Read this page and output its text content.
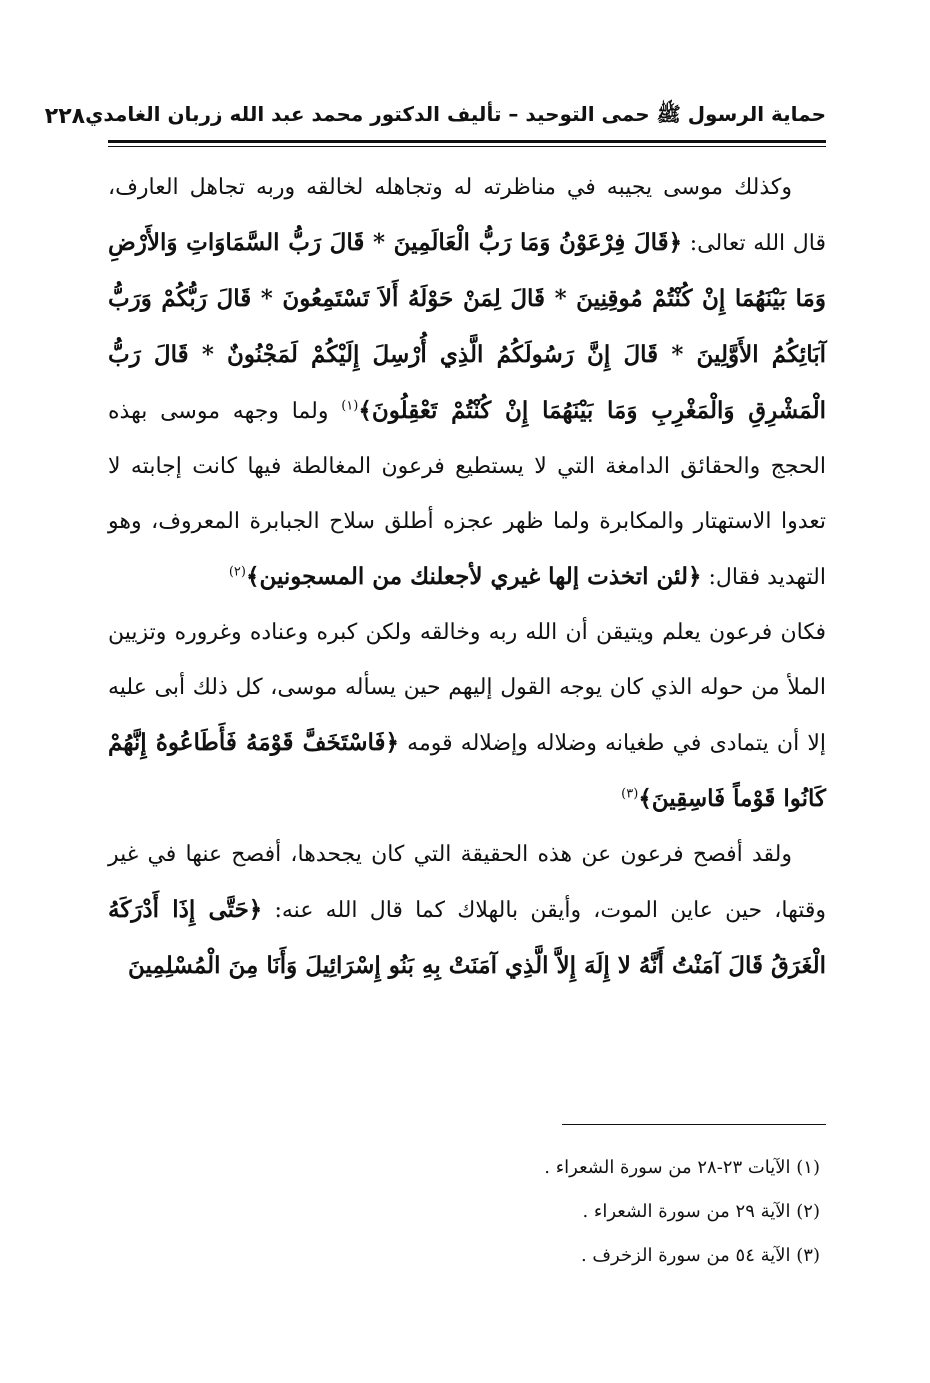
حماية الرسول ﷺ حمى التوحيد – تأليف الدكتور محمد عبد الله زربان الغامدي
٢٢٨

وكذلك موسى يجيبه في مناظرته له وتجاهله لخالقه وربه تجاهل العارف، قال الله تعالى: ﴿قَالَ فِرْعَوْنُ وَمَا رَبُّ الْعَالَمِينَ * قَالَ رَبُّ السَّمَاوَاتِ وَالأَرْضِ وَمَا بَيْنَهُمَا إِنْ كُنْتُمْ مُوقِنِينَ * قَالَ لِمَنْ حَوْلَهُ أَلاَ تَسْتَمِعُونَ * قَالَ رَبُّكُمْ وَرَبُّ آبَائِكُمُ الأَوَّلِينَ * قَالَ إِنَّ رَسُولَكُمُ الَّذِي أُرْسِلَ إِلَيْكُمْ لَمَجْنُونٌ * قَالَ رَبُّ الْمَشْرِقِ وَالْمَغْرِبِ وَمَا بَيْنَهُمَا إِنْ كُنْتُمْ تَعْقِلُونَ﴾$^{(١)}$ ولما وجهه موسى بهذه الحجج والحقائق الدامغة التي لا يستطيع فرعون المغالطة فيها كانت إجابته لا تعدوا الاستهتار والمكابرة ولما ظهر عجزه أطلق سلاح الجبابرة المعروف، وهو التهديد فقال: ﴿لئن اتخذت إلها غيري لأجعلنك من المسجونين﴾$^{(٢)}$

فكان فرعون يعلم ويتيقن أن الله ربه وخالقه ولكن كبره وعناده وغروره وتزيين الملأ من حوله الذي كان يوجه القول إليهم حين يسأله موسى، كل ذلك أبى عليه إلا أن يتمادى في طغيانه وضلاله وإضلاله قومه ﴿فَاسْتَخَفَّ قَوْمَهُ فَأَطَاعُوهُ إِنَّهُمْ كَانُوا قَوْماً فَاسِقِينَ﴾$^{(٣)}$

ولقد أفصح فرعون عن هذه الحقيقة التي كان يجحدها، أفصح عنها في غير وقتها، حين عاين الموت، وأيقن بالهلاك كما قال الله عنه: ﴿حَتَّى إِذَا أَدْرَكَهُ الْغَرَقُ قَالَ آمَنْتُ أَنَّهُ لا إِلَهَ إِلاَّ الَّذِي آمَنَتْ بِهِ بَنُو إِسْرَائِيلَ وَأَنَا مِنَ الْمُسْلِمِينَ

(١) الآيات ٢٣-٢٨ من سورة الشعراء .
(٢) الآية ٢٩ من سورة الشعراء .
(٣) الآية ٥٤ من سورة الزخرف .
